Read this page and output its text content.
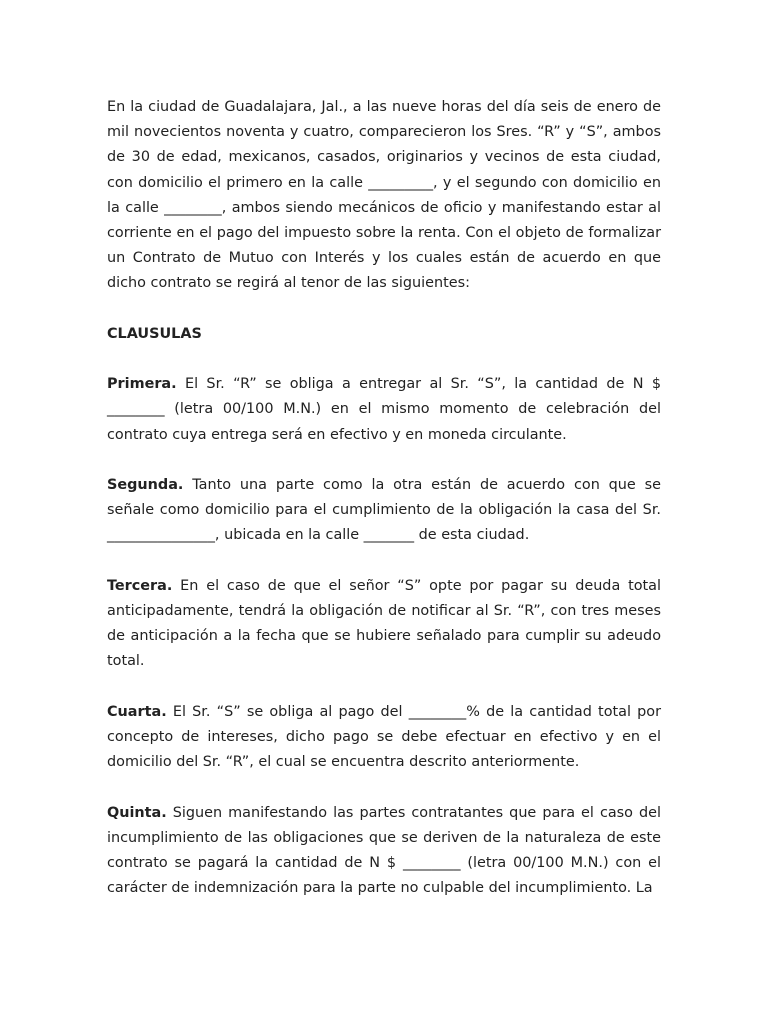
En la ciudad de Guadalajara, Jal., a las nueve horas del día seis de enero de mil novecientos noventa y cuatro, comparecieron los Sres. “R” y “S”, ambos de 30 de edad, mexicanos, casados, originarios y vecinos de esta ciudad, con domicilio el primero en la calle _________, y el segundo con domicilio en la calle ________, ambos siendo mecánicos de oficio y manifestando estar al corriente en el pago del impuesto sobre la renta. Con el objeto de formalizar un Contrato de Mutuo con Interés y los cuales están de acuerdo en que dicho contrato se regirá al tenor de las siguientes:

CLAUSULAS

Primera. El Sr. “R” se obliga a entregar al Sr. “S”, la cantidad de N $ ________ (letra 00/100 M.N.) en el mismo momento de celebración del contrato cuya entrega será en efectivo y en moneda circulante.

Segunda. Tanto una parte como la otra están de acuerdo con que se señale como domicilio para el cumplimiento de la obligación la casa del Sr. _______________, ubicada en la calle _______ de esta ciudad.

Tercera. En el caso de que el señor “S” opte por pagar su deuda total anticipadamente, tendrá la obligación de notificar al Sr. “R”, con tres meses de anticipación a la fecha que se hubiere señalado para cumplir su adeudo total.

Cuarta. El Sr. “S” se obliga al pago del ________% de la cantidad total por concepto de intereses, dicho pago se debe efectuar en efectivo y en el domicilio del Sr. “R”, el cual se encuentra descrito anteriormente.

Quinta. Siguen manifestando las partes contratantes que para el caso del incumplimiento de las obligaciones que se deriven de la naturaleza de este contrato se pagará la cantidad de N $ ________ (letra 00/100 M.N.) con el carácter de indemnización para la parte no culpable del incumplimiento. La
